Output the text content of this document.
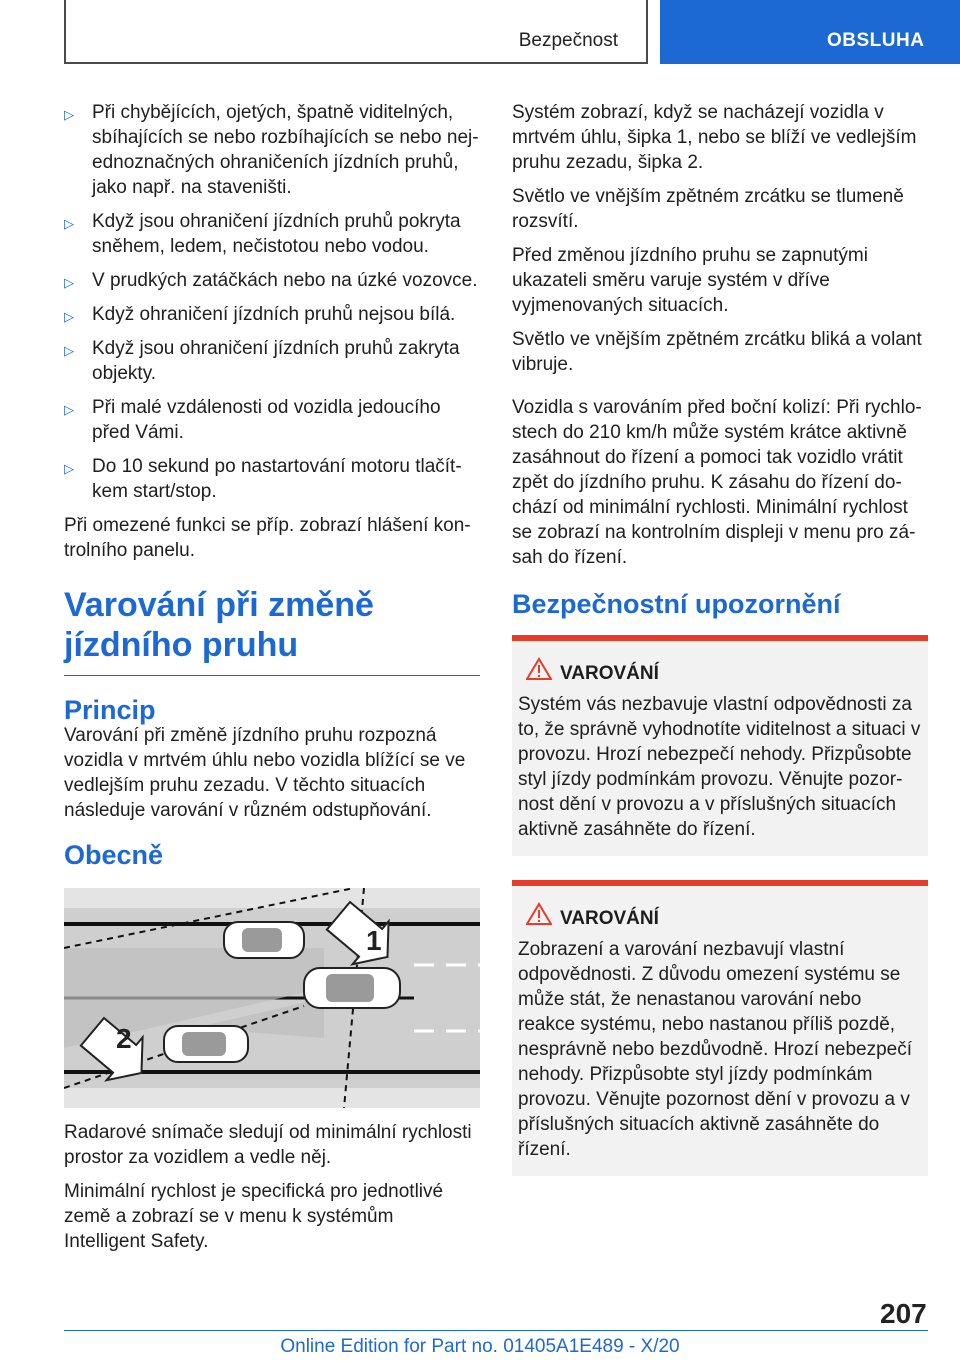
Bezpečnost	OBSLUHA
▷ Při chybějících, ojetých, špatně viditelných, sbíhajících se nebo rozbíhajících se nebo nejednoznačných ohraničeních jízdních pruhů, jako např. na staveništi.
▷ Když jsou ohraničení jízdních pruhů pokryta sněhem, ledem, nečistotou nebo vodou.
▷ V prudkých zatáčkách nebo na úzké vozovce.
▷ Když ohraničení jízdních pruhů nejsou bílá.
▷ Když jsou ohraničení jízdních pruhů zakryta objekty.
▷ Při malé vzdálenosti od vozidla jedoucího před Vámi.
▷ Do 10 sekund po nastartování motoru tlačítkem start/stop.

Při omezené funkci se příp. zobrazí hlášení kontrolního panelu.

Varování při změně jízdního pruhu
Princip

Varování při změně jízdního pruhu rozpozná vozidla v mrtvém úhlu nebo vozidla blížící se ve vedlejším pruhu zezadu. V těchto situacích následuje varování v různém odstupňování.

Obecně
1
2

Radarové snímače sledují od minimální rychlosti prostor za vozidlem a vedle něj.

Minimální rychlost je specifická pro jednotlivé země a zobrazí se v menu k systémům Intelligent Safety.

Systém zobrazí, když se nacházejí vozidla v mrtvém úhlu, šipka 1, nebo se blíží ve vedlejším pruhu zezadu, šipka 2.

Světlo ve vnějším zpětném zrcátku se tlumeně rozsvítí.

Před změnou jízdního pruhu se zapnutými ukazateli směru varuje systém v dříve vyjmenovaných situacích.

Světlo ve vnějším zpětném zrcátku bliká a volant vibruje.

Vozidla s varováním před boční kolizí: Při rychlostech do 210 km/h může systém krátce aktivně zasáhnout do řízení a pomoci tak vozidlo vrátit zpět do jízdního pruhu. K zásahu do řízení dochází od minimální rychlosti. Minimální rychlost se zobrazí na kontrolním displeji v menu pro zásah do řízení.

Bezpečnostní upozornění
VAROVÁNÍ
Systém vás nezbavuje vlastní odpovědnosti za to, že správně vyhodnotíte viditelnost a situaci v provozu. Hrozí nebezpečí nehody. Přizpůsobte styl jízdy podmínkám provozu. Věnujte pozornost dění v provozu a v příslušných situacích aktivně zasáhněte do řízení.
VAROVÁNÍ
Zobrazení a varování nezbavují vlastní odpovědnosti. Z důvodu omezení systému se může stát, že nenastanou varování nebo reakce systému, nebo nastanou příliš pozdě, nesprávně nebo bezdůvodně. Hrozí nebezpečí nehody. Přizpůsobte styl jízdy podmínkám provozu. Věnujte pozornost dění v provozu a v příslušných situacích aktivně zasáhněte do řízení.
207
Online Edition for Part no. 01405A1E489 - X/20
